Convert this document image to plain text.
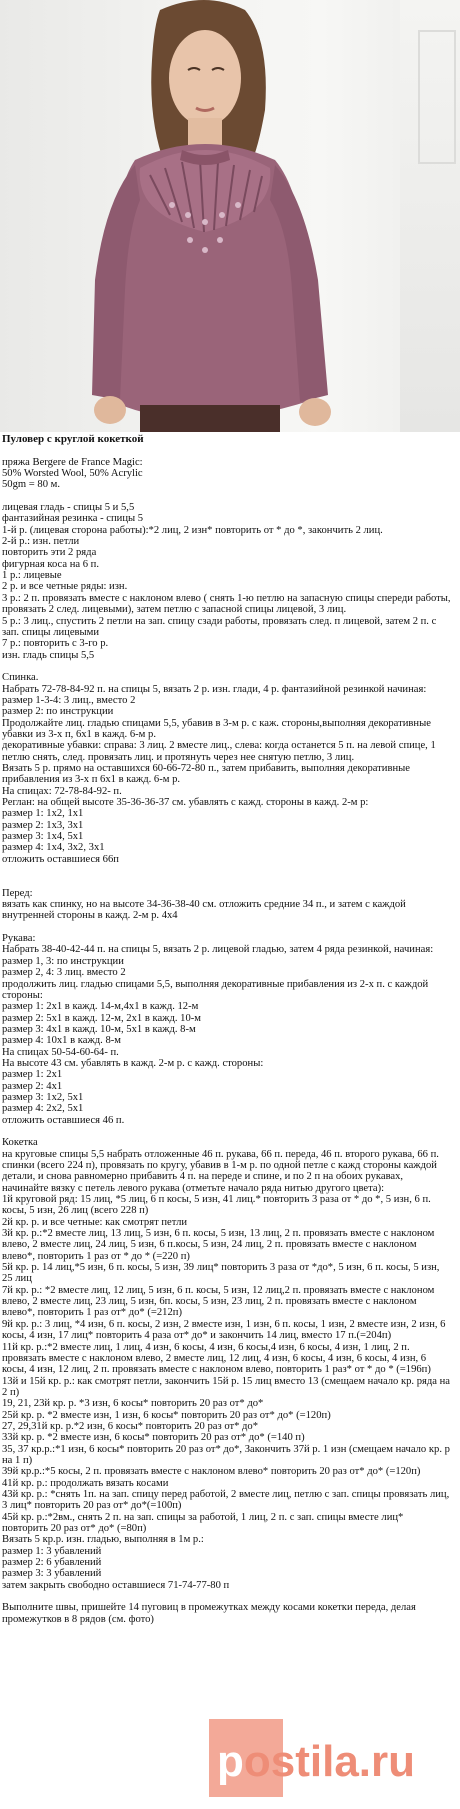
Пуловер с круглой кокеткой
пряжа Bergere de France Magic:
50% Worsted Wool, 50% Acrylic
50gm = 80 м.
лицевая гладь - спицы 5 и 5,5
фантазийная резинка - спицы 5
1-й р. (лицевая сторона работы):*2 лиц, 2 изн* повторить от * до *, закончить 2 лиц.
2-й р.: изн. петли
повторить эти 2 ряда
фигурная коса на 6 п.
1 р.: лицевые
2 р. и все четные ряды: изн.
3 р.: 2 п. провязать вместе с наклоном влево ( снять 1-ю петлю на запасную спицы спереди работы,
провязать 2 след. лицевыми), затем петлю с запасной спицы лицевой, 3 лиц.
5 р.: 3 лиц., спустить 2 петли на зап. спицу сзади работы, провязать след. п лицевой, затем 2 п. с
зап. спицы лицевыми
7 р.: повторить с 3-го р.
изн. гладь спицы 5,5
Спинка.
Набрать 72-78-84-92 п. на спицы 5, вязать 2 р. изн. глади, 4 р. фантазийной резинкой начиная:
размер 1-3-4: 3 лиц., вместо 2
размер 2: по инструкции
Продолжайте лиц. гладью спицами 5,5, убавив в 3-м р. с каж. стороны,выполняя декоративные
убавки из 3-х п, 6х1 в кажд. 6-м р.
декоративные убавки: справа: 3 лиц. 2 вместе лиц., слева: когда останется 5 п. на левой спице, 1
петлю снять, след. провязать лиц. и протянуть через нее снятую петлю, 3 лиц.
Вязать 5 р. прямо на оставшихся 60-66-72-80 п., затем прибавить, выполняя декоративные
прибавления из 3-х п 6х1 в кажд. 6-м р.
На спицах: 72-78-84-92- п.
Реглан: на общей высоте 35-36-36-37 см. убавлять с кажд. стороны в кажд. 2-м р:
размер 1: 1х2, 1х1
размер 2: 1х3, 3х1
размер 3: 1х4, 5х1
размер 4: 1х4, 3х2, 3х1
отложить оставшиеся 66п
Перед:
вязать как спинку, но на высоте 34-36-38-40 см. отложить средние 34 п., и затем с каждой
внутренней стороны в кажд. 2-м р. 4х4
Рукава:
Набрать 38-40-42-44 п. на спицы 5, вязать 2 р. лицевой гладью, затем 4 ряда резинкой, начиная:
размер 1, 3: по инструкции
размер 2, 4: 3 лиц. вместо 2
продолжить лиц. гладью спицами 5,5, выполняя декоративные прибавления из 2-х п. с каждой
стороны:
размер 1: 2х1 в кажд. 14-м,4х1 в кажд. 12-м
размер 2: 5х1 в кажд. 12-м, 2х1 в кажд. 10-м
размер 3: 4х1 в кажд. 10-м, 5х1 в кажд. 8-м
размер 4: 10х1 в кажд. 8-м
На спицах 50-54-60-64- п.
На высоте 43 см. убавлять в кажд. 2-м р. с кажд. стороны:
размер 1: 2х1
размер 2: 4х1
размер 3: 1х2, 5х1
размер 4: 2х2, 5х1
отложить оставшиеся 46 п.
Кокетка
на круговые спицы 5,5 набрать отложенные 46 п. рукава, 66 п. переда, 46 п. второго рукава, 66 п.
спинки (всего 224 п), провязать по кругу, убавив в 1-м р. по одной петле с кажд стороны каждой
детали, и снова равномерно прибавить 4 п. на переде и спине, и по 2 п на обоих рукавах,
начинайте вязку с петель левого рукава (отметьте начало ряда нитью другого цвета):
1й круговой ряд: 15 лиц, *5 лиц, 6 п косы, 5 изн, 41 лиц.* повторить 3 раза от * до *, 5 изн, 6 п.
косы, 5 изн, 26 лиц (всего 228 п)
2й кр. р. и все четные: как смотрят петли
3й кр. р.:*2 вместе лиц, 13 лиц, 5 изн, 6 п. косы, 5 изн, 13 лиц, 2 п. провязать вместе с наклоном
влево, 2 вместе лиц, 24 лиц, 5 изн, 6 п.косы, 5 изн, 24 лиц, 2 п. провязать вместе с наклоном
влево*, повторить 1 раз от * до * (=220 п)
5й кр. р. 14 лиц,*5 изн, 6 п. косы, 5 изн, 39 лиц* повторить 3 раза от *до*, 5 изн, 6 п. косы, 5 изн,
25 лиц
7й кр. р.: *2 вместе лиц, 12 лиц, 5 изн, 6 п. косы, 5 изн, 12 лиц,2 п. провязать вместе с наклоном
влево, 2 вместе лиц, 23 лиц, 5 изн, 6п. косы, 5 изн, 23 лиц, 2 п. провязать вместе с наклоном
влево*, повторить 1 раз от* до* (=212п)
9й кр. р.: 3 лиц, *4 изн, 6 п. косы, 2 изн, 2 вместе изн, 1 изн, 6 п. косы, 1 изн, 2 вместе изн, 2 изн, 6
косы, 4 изн, 17 лиц* повторить 4 раза от* до* и закончить 14 лиц, вместо 17 п.(=204п)
11й кр. р.:*2 вместе лиц, 1 лиц, 4 изн, 6 косы, 4 изн, 6 косы,4 изн, 6 косы, 4 изн, 1 лиц, 2 п.
провязать вместе с наклоном влево, 2 вместе лиц, 12 лиц, 4 изн, 6 косы, 4 изн, 6 косы, 4 изн, 6
косы, 4 изн, 12 лиц, 2 п. провязать вместе с наклоном влево, повторить 1 раз* от * до * (=196п)
13й и 15й кр. р.: как смотрят петли, закончить 15й р. 15 лиц вместо 13 (смещаем начало кр. ряда на
2 п)
19, 21, 23й кр. р. *3 изн, 6 косы* повторить 20 раз от* до*
25й кр. р. *2 вместе изн, 1 изн, 6 косы* повторить 20 раз от* до* (=120п)
27, 29,31й кр. р.*2 изн, 6 косы* повторить 20 раз от* до*
33й кр. р. *2 вместе изн, 6 косы* повторить 20 раз от* до* (=140 п)
35, 37 кр.р.:*1 изн, 6 косы* повторить 20 раз от* до*, Закончить 37й р. 1 изн (смещаем начало кр. р
на 1 п)
39й кр.р.:*5 косы, 2 п. провязать вместе с наклоном влево* повторить 20 раз от* до* (=120п)
41й кр. р.: продолжать вязать косами
43й кр. р.: *снять 1п. на зап. спицу перед работой, 2 вместе лиц, петлю с зап. спицы провязать лиц,
3 лиц* повторить 20 раз от* до*(=100п)
45й кр. р.:*2вм., снять 2 п. на зап. спицы за работой, 1 лиц, 2 п. с зап. спицы вместе лиц*
повторить 20 раз от* до* (=80п)
Вязать 5 кр.р. изн. гладью, выполняя в 1м р.:
размер 1: 3 убавлений
размер 2: 6 убавлений
размер 3: 3 убавлений
затем закрыть свободно оставшиеся 71-74-77-80 п
Выполните швы, пришейте 14 пуговиц в промежутках между косами кокетки переда, делая
промежутков в 8 рядов (см. фото)
postila.ru
